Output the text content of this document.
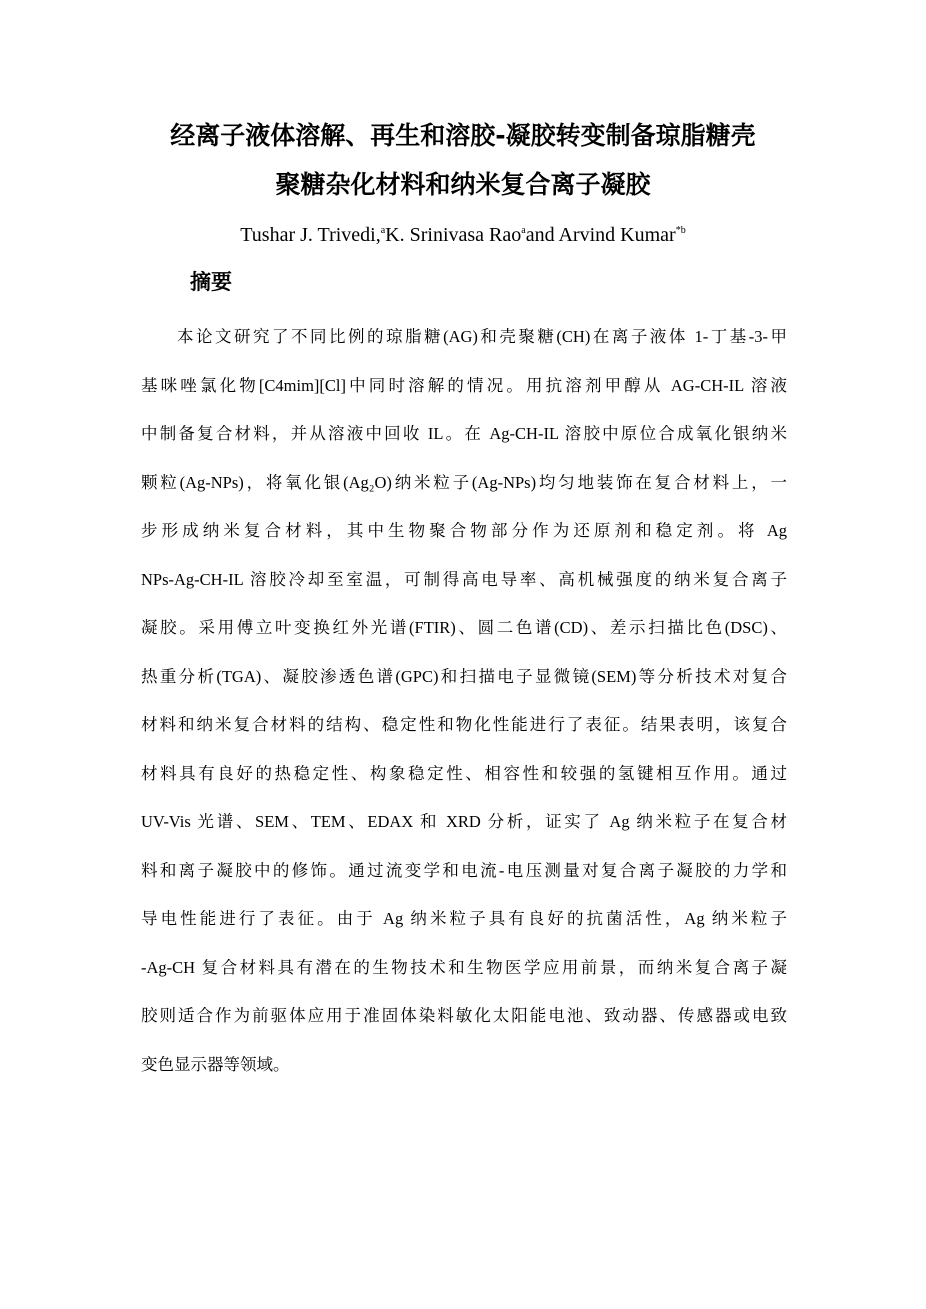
经离子液体溶解、再生和溶胶-凝胶转变制备琼脂糖壳
聚糖杂化材料和纳米复合离子凝胶
Tushar J. Trivedi,$^a$K. Srinivasa Rao$^a$and Arvind Kumar$^{*b}$
摘要
本论文研究了不同比例的琼脂糖(AG)和壳聚糖(CH)在离子液体 1-丁基-3-甲
基咪唑氯化物[C4mim][Cl]中同时溶解的情况。用抗溶剂甲醇从 AG-CH-IL 溶液
中制备复合材料，并从溶液中回收 IL。在 Ag-CH-IL 溶胶中原位合成氧化银纳米
颗粒(Ag-NPs)，将氧化银(Ag₂O)纳米粒子(Ag-NPs)均匀地装饰在复合材料上，一
步形成纳米复合材料，其中生物聚合物部分作为还原剂和稳定剂。将 Ag
NPs-Ag-CH-IL 溶胶冷却至室温，可制得高电导率、高机械强度的纳米复合离子
凝胶。采用傅立叶变换红外光谱(FTIR)、圆二色谱(CD)、差示扫描比色(DSC)、
热重分析(TGA)、凝胶渗透色谱(GPC)和扫描电子显微镜(SEM)等分析技术对复合
材料和纳米复合材料的结构、稳定性和物化性能进行了表征。结果表明，该复合
材料具有良好的热稳定性、构象稳定性、相容性和较强的氢键相互作用。通过
UV-Vis 光谱、SEM、TEM、EDAX 和 XRD 分析，证实了 Ag 纳米粒子在复合材
料和离子凝胶中的修饰。通过流变学和电流-电压测量对复合离子凝胶的力学和
导电性能进行了表征。由于 Ag 纳米粒子具有良好的抗菌活性，Ag 纳米粒子
-Ag-CH 复合材料具有潜在的生物技术和生物医学应用前景，而纳米复合离子凝
胶则适合作为前驱体应用于准固体染料敏化太阳能电池、致动器、传感器或电致
变色显示器等领域。
